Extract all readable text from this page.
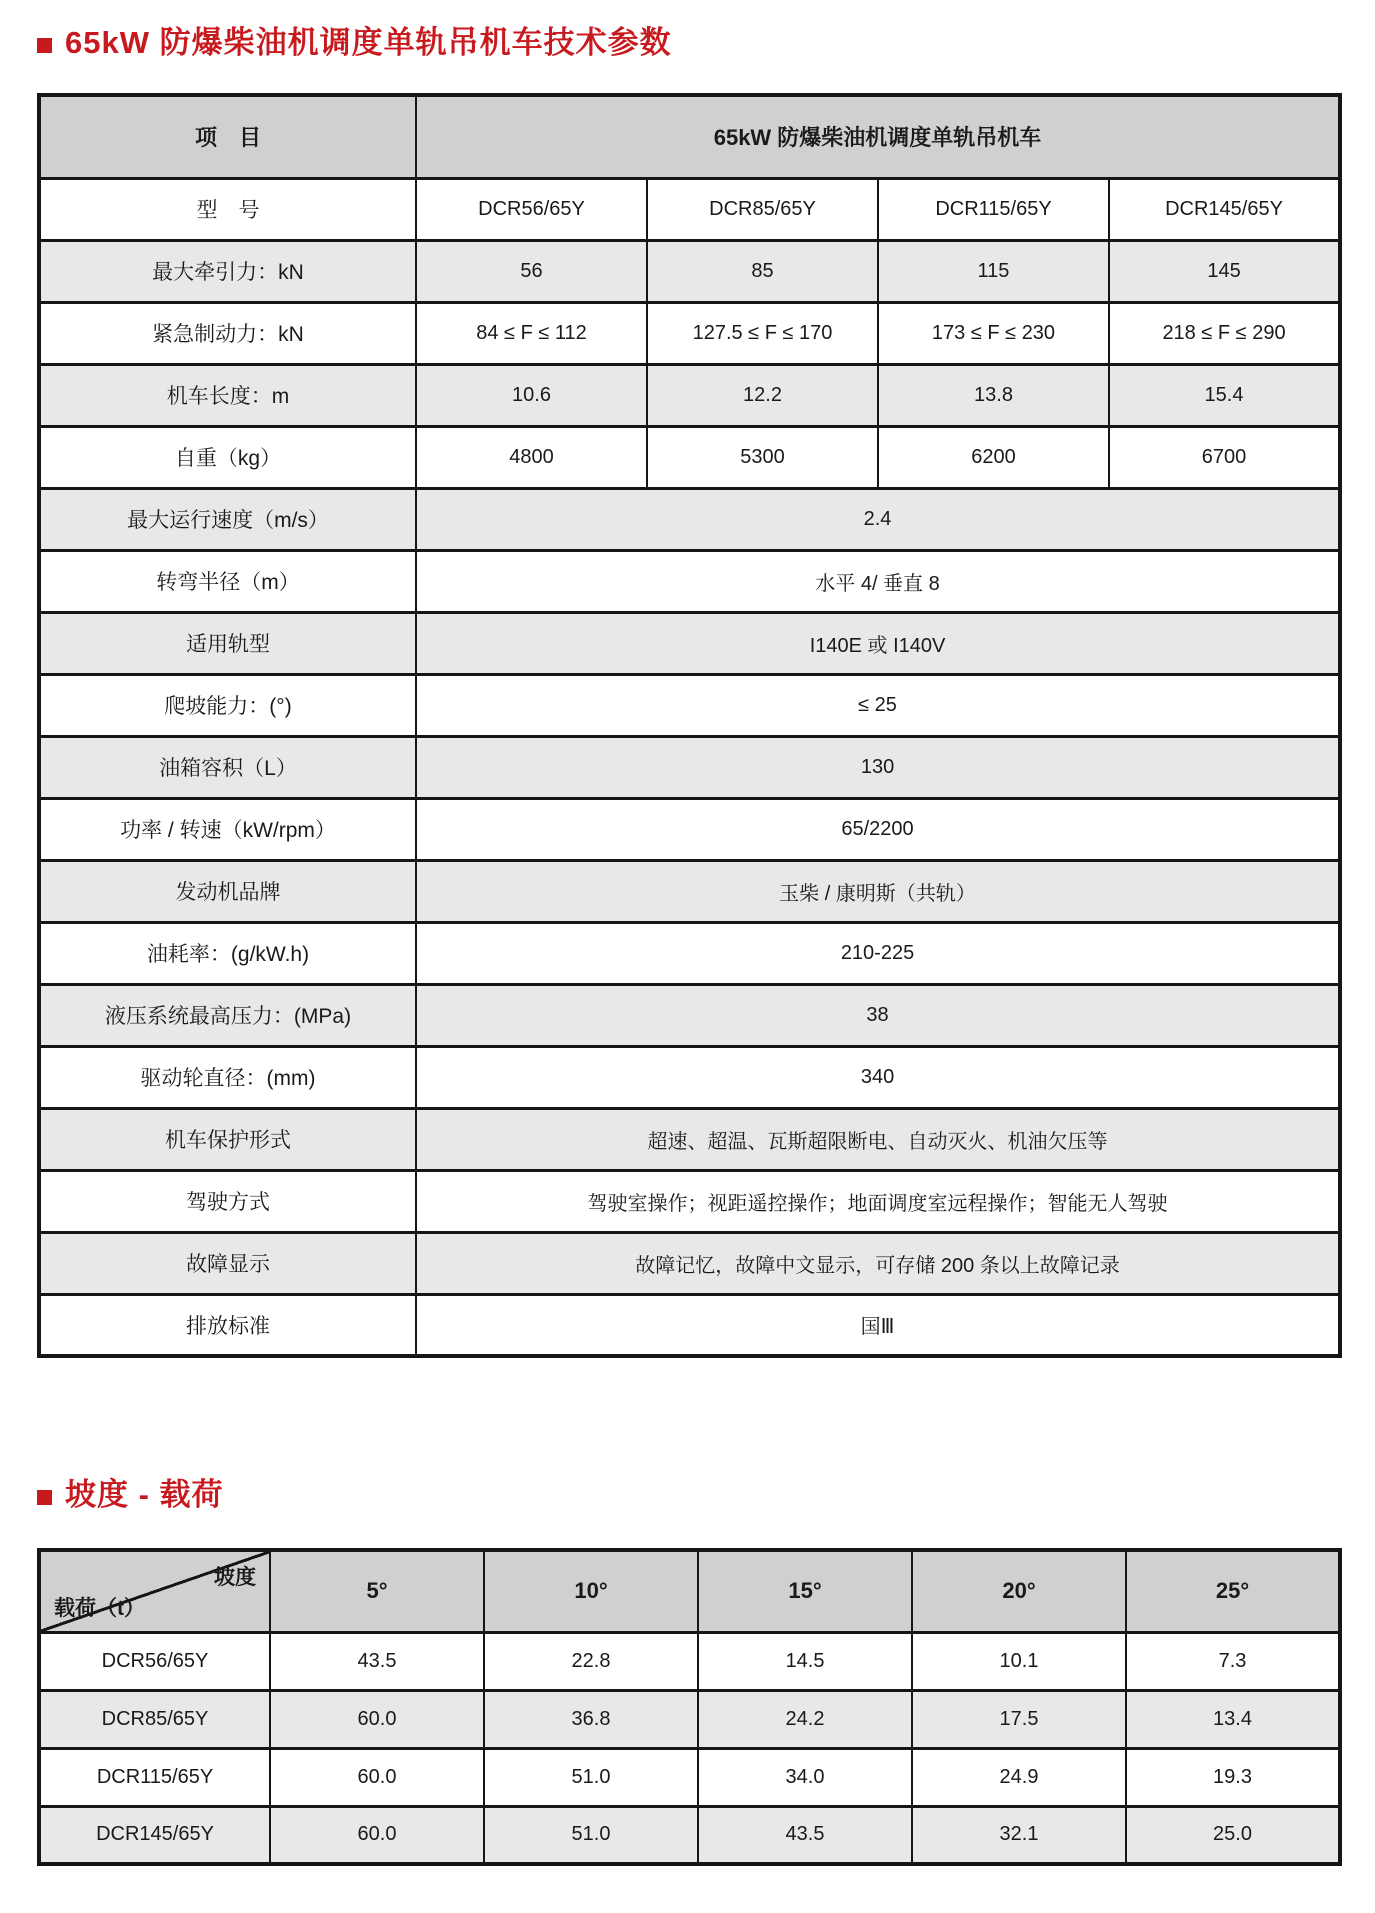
65kW 防爆柴油机调度单轨吊机车技术参数
项　目	65kW 防爆柴油机调度单轨吊机车			
型　号	DCR56/65Y	DCR85/65Y	DCR115/65Y	DCR145/65Y
最大牵引力：kN	56	85	115	145
紧急制动力：kN	84 ≤ F ≤ 112	127.5 ≤ F ≤ 170	173 ≤ F ≤ 230	218 ≤ F ≤ 290
机车长度：m	10.6	12.2	13.8	15.4
自重（kg）	4800	5300	6200	6700
最大运行速度（m/s）	2.4			
转弯半径（m）	水平 4/ 垂直 8			
适用轨型	I140E 或 I140V			
爬坡能力：(°)	≤ 25			
油箱容积（L）	130			
功率 / 转速（kW/rpm）	65/2200			
发动机品牌	玉柴 / 康明斯（共轨）			
油耗率：(g/kW.h)	210-225			
液压系统最高压力：(MPa)	38			
驱动轮直径：(mm)	340			
机车保护形式	超速、超温、瓦斯超限断电、自动灭火、机油欠压等			
驾驶方式	驾驶室操作；视距遥控操作；地面调度室远程操作；智能无人驾驶			
故障显示	故障记忆，故障中文显示，可存储 200 条以上故障记录			
排放标准	国Ⅲ			
坡度 - 载荷
坡度
载荷（t）	5°	10°	15°	20°	25°
DCR56/65Y	43.5	22.8	14.5	10.1	7.3
DCR85/65Y	60.0	36.8	24.2	17.5	13.4
DCR115/65Y	60.0	51.0	34.0	24.9	19.3
DCR145/65Y	60.0	51.0	43.5	32.1	25.0
